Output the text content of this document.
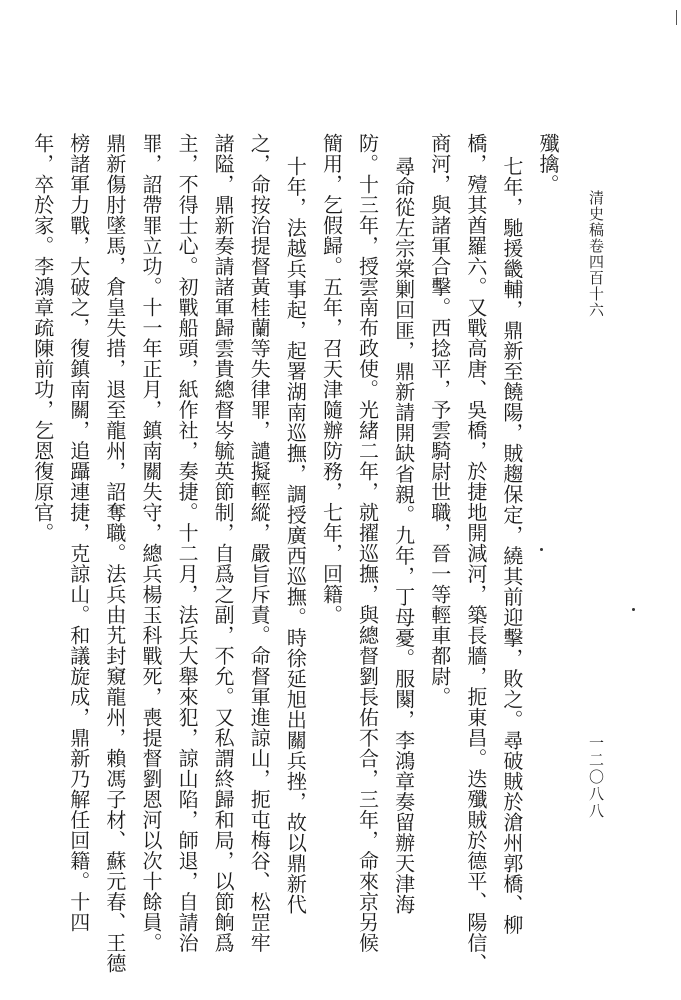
清史稿卷四百十六
一二〇八八
殲擒。
七年，馳援畿輔，鼎新至饒陽，賊趨保定，繞其前迎擊，敗之。尋破賊於滄州郭橋、柳
橋，殪其酋羅六。又戰高唐、吳橋，於捷地開減河，築長牆，扼東昌。迭殲賊於德平、陽信、
商河，與諸軍合擊。西捻平，予雲騎尉世職，晉一等輕車都尉。
尋命從左宗棠剿回匪，鼎新請開缺省親。九年，丁母憂。服闋，李鴻章奏留辦天津海
防。十三年，授雲南布政使。光緒二年，就擢巡撫，與總督劉長佑不合，三年，命來京另候
簡用，乞假歸。五年，召天津隨辦防務，七年，回籍。
十年，法越兵事起，起署湖南巡撫，調授廣西巡撫。時徐延旭出關兵挫，故以鼎新代
之，命按治提督黃桂蘭等失律罪，譴擬輕縱，嚴旨斥責。命督軍進諒山，扼屯梅谷、松罡牢
諸隘，鼎新奏請諸軍歸雲貴總督岑毓英節制，自爲之副，不允。又私謂終歸和局，以節餉爲
主，不得士心。初戰船頭，紙作社，奏捷。十二月，法兵大舉來犯，諒山陷，師退，自請治
罪，詔帶罪立功。十一年正月，鎮南關失守，總兵楊玉科戰死，喪提督劉恩河以次十餘員。
鼎新傷肘墜馬，倉皇失措，退至龍州，詔奪職。法兵由艽封窺龍州，賴馮子材、蘇元春、王德
榜諸軍力戰，大破之，復鎮南關，追躡連捷，克諒山。和議旋成，鼎新乃解任回籍。十四
年，卒於家。李鴻章疏陳前功，乞恩復原官。
